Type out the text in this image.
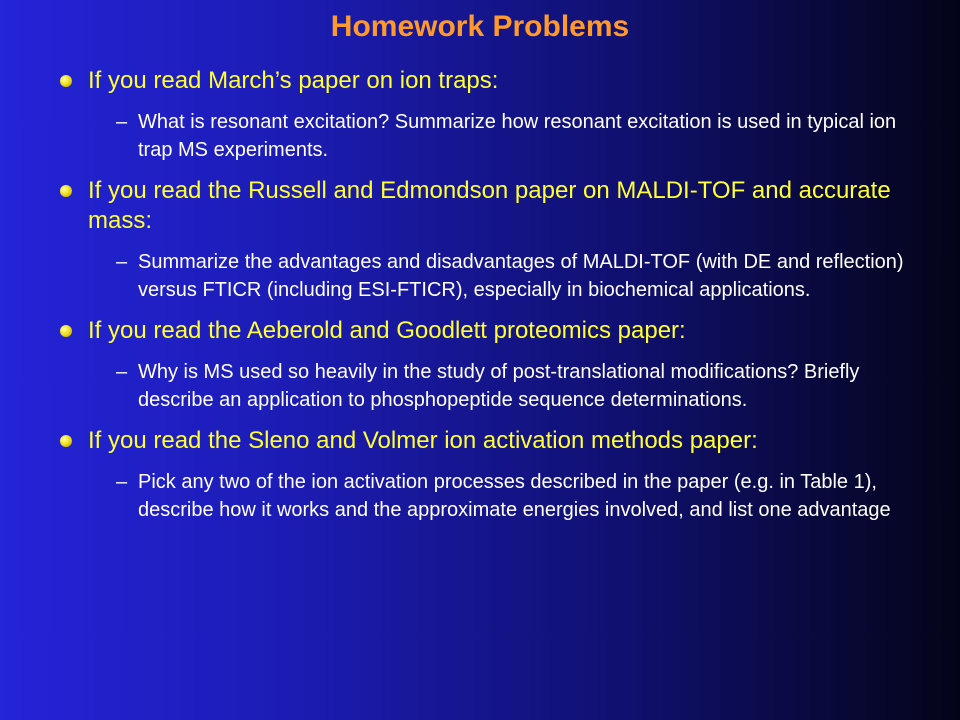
Homework Problems
If you read March’s paper on ion traps:
– What is resonant excitation? Summarize how resonant excitation is used in typical ion trap MS experiments.
If you read the Russell and Edmondson paper on MALDI-TOF and accurate mass:
– Summarize the advantages and disadvantages of MALDI-TOF (with DE and reflection) versus FTICR (including ESI-FTICR), especially in biochemical applications.
If you read the Aeberold and Goodlett proteomics paper:
– Why is MS used so heavily in the study of post-translational modifications? Briefly describe an application to phosphopeptide sequence determinations.
If you read the Sleno and Volmer ion activation methods paper:
– Pick any two of the ion activation processes described in the paper (e.g. in Table 1), describe how it works and the approximate energies involved, and list one advantage
